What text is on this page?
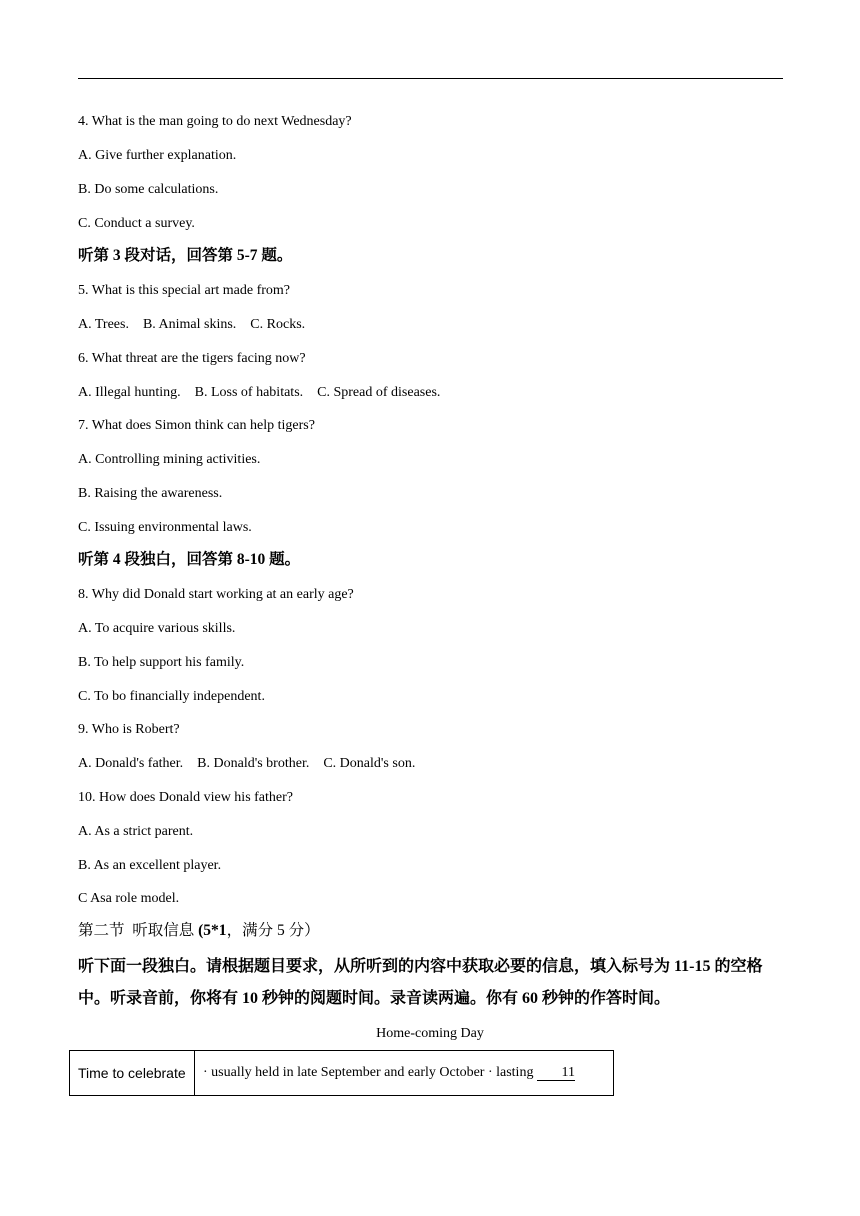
4. What is the man going to do next Wednesday?
A. Give further explanation.
B. Do some calculations.
C. Conduct a survey.
听第 3 段对话，回答第 5-7 题。
5. What is this special art made from?
A. Trees.    B. Animal skins.    C. Rocks.
6. What threat are the tigers facing now?
A. Illegal hunting.    B. Loss of habitats.    C. Spread of diseases.
7. What does Simon think can help tigers?
A. Controlling mining activities.
B. Raising the awareness.
C. Issuing environmental laws.
听第 4 段独白，回答第 8-10 题。
8. Why did Donald start working at an early age?
A. To acquire various skills.
B. To help support his family.
C. To bo financially independent.
9. Who is Robert?
A. Donald's father.    B. Donald's brother.    C. Donald's son.
10. How does Donald view his father?
A. As a strict parent.
B. As an excellent player.
C Asa role model.
第二节  听取信息 (5*1，满分 5 分）
听下面一段独白。请根据题目要求，从所听到的内容中获取必要的信息，填入标号为 11-15 的空格中。听录音前，你将有 10 秒钟的阅题时间。录音读两遍。你有 60 秒钟的作答时间。
Home-coming Day
Time to celebrate	· usually held in late September and early October · lasting 11
